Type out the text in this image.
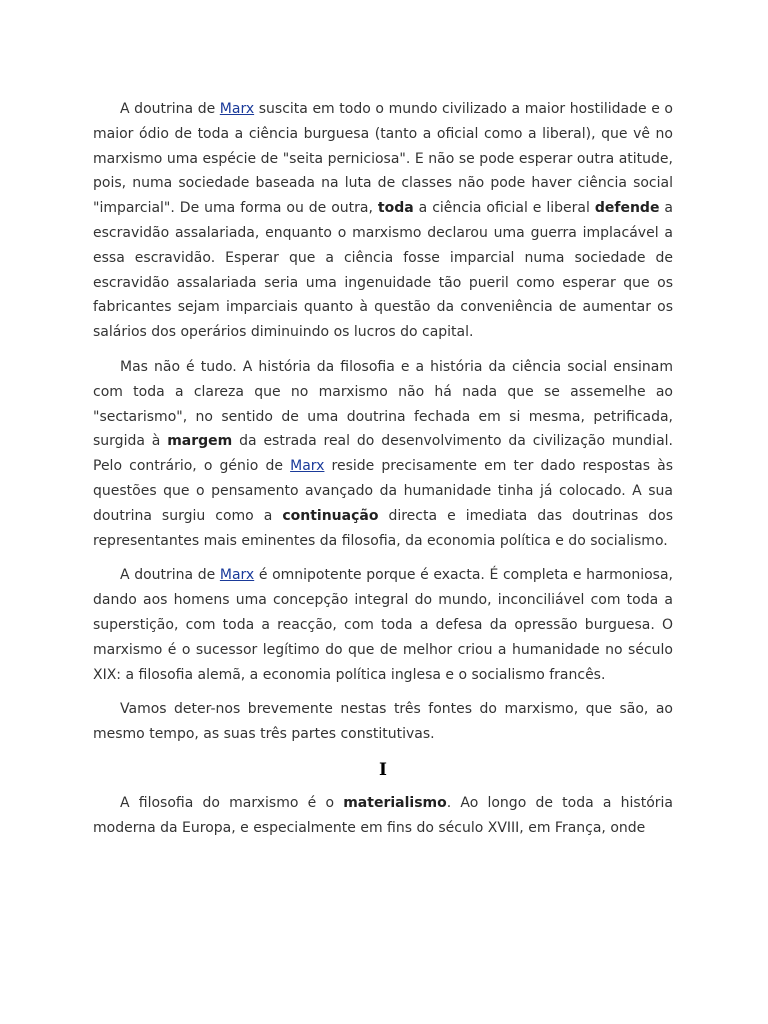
A doutrina de Marx suscita em todo o mundo civilizado a maior hostilidade e o maior ódio de toda a ciência burguesa (tanto a oficial como a liberal), que vê no marxismo uma espécie de "seita perniciosa". E não se pode esperar outra atitude, pois, numa sociedade baseada na luta de classes não pode haver ciência social "imparcial". De uma forma ou de outra, toda a ciência oficial e liberal defende a escravidão assalariada, enquanto o marxismo declarou uma guerra implacável a essa escravidão. Esperar que a ciência fosse imparcial numa sociedade de escravidão assalariada seria uma ingenuidade tão pueril como esperar que os fabricantes sejam imparciais quanto à questão da conveniência de aumentar os salários dos operários diminuindo os lucros do capital.

Mas não é tudo. A história da filosofia e a história da ciência social ensinam com toda a clareza que no marxismo não há nada que se assemelhe ao "sectarismo", no sentido de uma doutrina fechada em si mesma, petrificada, surgida à margem da estrada real do desenvolvimento da civilização mundial. Pelo contrário, o génio de Marx reside precisamente em ter dado respostas às questões que o pensamento avançado da humanidade tinha já colocado. A sua doutrina surgiu como a continuação directa e imediata das doutrinas dos representantes mais eminentes da filosofia, da economia política e do socialismo.

A doutrina de Marx é omnipotente porque é exacta. É completa e harmoniosa, dando aos homens uma concepção integral do mundo, inconciliável com toda a superstição, com toda a reacção, com toda a defesa da opressão burguesa. O marxismo é o sucessor legítimo do que de melhor criou a humanidade no século XIX: a filosofia alemã, a economia política inglesa e o socialismo francês.

Vamos deter-nos brevemente nestas três fontes do marxismo, que são, ao mesmo tempo, as suas três partes constitutivas.

I

A filosofia do marxismo é o materialismo. Ao longo de toda a história moderna da Europa, e especialmente em fins do século XVIII, em França, onde
